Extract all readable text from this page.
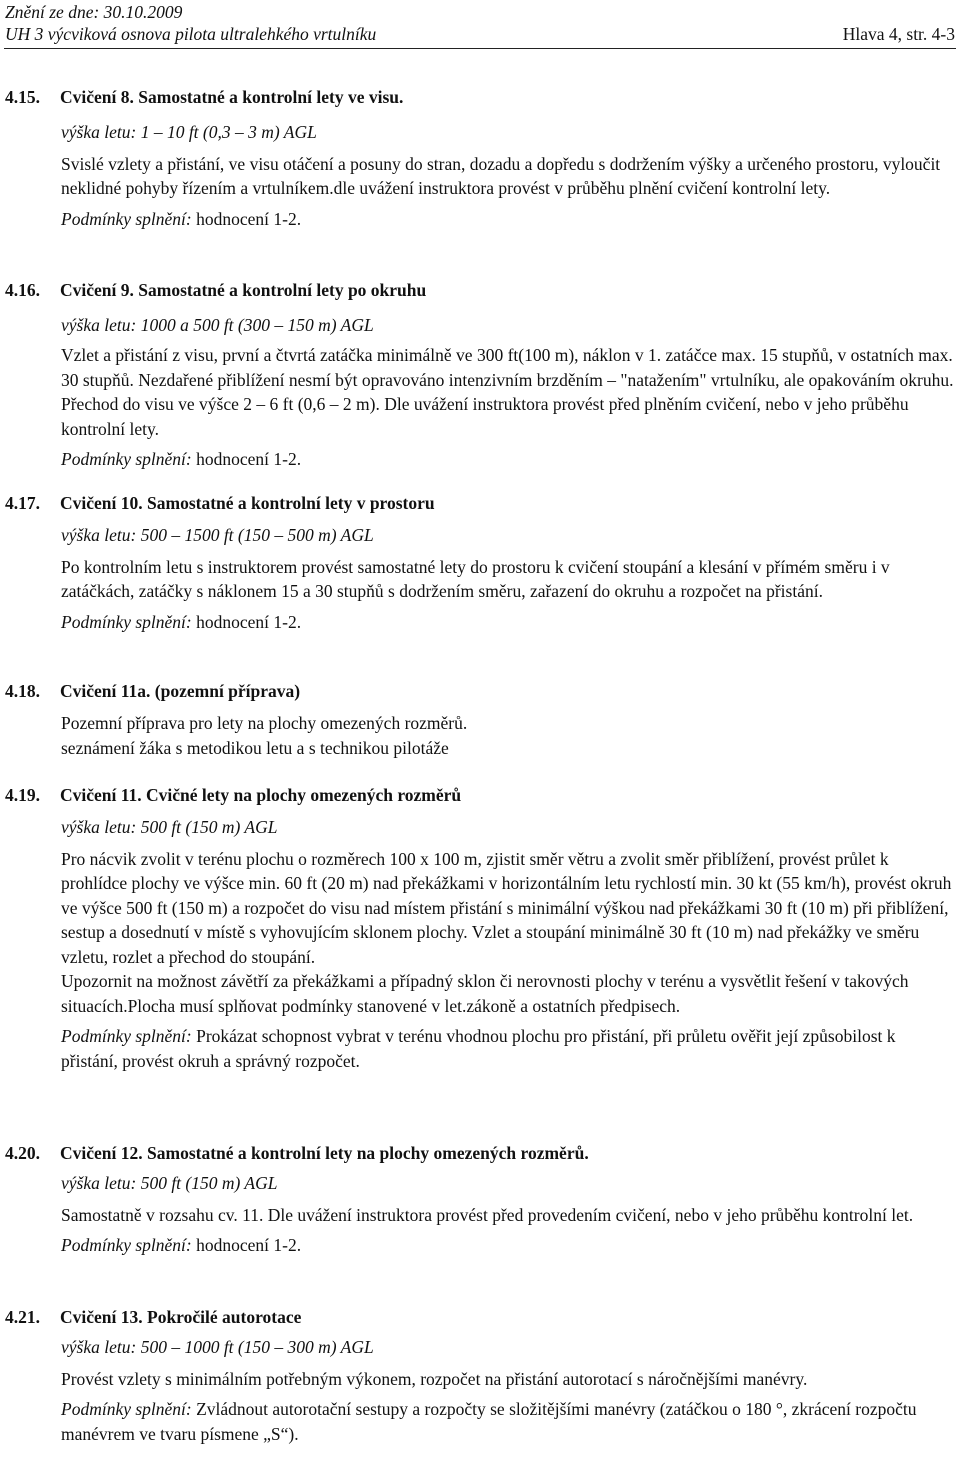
Znění ze dne: 30.10.2009
UH 3 výcviková osnova pilota ultralehkého vrtulníku	Hlava 4, str. 4-3
4.15. Cvičení 8. Samostatné a kontrolní lety ve visu.
výška letu: 1 – 10 ft (0,3 – 3 m) AGL
Svislé vzlety a přistání, ve visu otáčení a posuny do stran, dozadu a dopředu s dodržením výšky a určeného prostoru, vyloučit neklidné pohyby řízením a vrtulníkem.dle uvážení instruktora provést v průběhu plnění cvičení kontrolní lety.
Podmínky splnění: hodnocení 1-2.
4.16. Cvičení 9. Samostatné a kontrolní lety po okruhu
výška letu: 1000 a 500 ft (300 – 150 m) AGL
Vzlet a přistání z visu, první a čtvrtá zatáčka minimálně ve 300 ft(100 m), náklon v 1. zatáčce max. 15 stupňů, v ostatních max. 30 stupňů. Nezdařené přiblížení nesmí být opravováno intenzivním brzděním – "natažením" vrtulníku, ale opakováním okruhu. Přechod do visu ve výšce 2 – 6 ft (0,6 – 2 m). Dle uvážení instruktora provést před plněním cvičení, nebo v jeho průběhu kontrolní lety.
Podmínky splnění: hodnocení 1-2.
4.17. Cvičení 10. Samostatné a kontrolní lety v prostoru
výška letu: 500 – 1500 ft (150 – 500 m) AGL
Po kontrolním letu s instruktorem provést samostatné lety do prostoru k cvičení stoupání a klesání v přímém směru i v zatáčkách, zatáčky s náklonem 15 a 30 stupňů s dodržením směru, zařazení do okruhu a rozpočet na přistání.
Podmínky splnění: hodnocení 1-2.
4.18. Cvičení 11a. (pozemní příprava)
Pozemní příprava pro lety na plochy omezených rozměrů.
seznámení žáka s metodikou letu a s technikou pilotáže
4.19. Cvičení 11. Cvičné lety na plochy omezených rozměrů
výška letu: 500 ft (150 m) AGL
Pro nácvik zvolit v terénu plochu o rozměrech 100 x 100 m, zjistit směr větru a zvolit směr přiblížení, provést průlet k prohlídce plochy ve výšce min. 60 ft (20 m) nad překážkami v horizontálním letu rychlostí min. 30 kt (55 km/h), provést okruh ve výšce 500 ft (150 m) a rozpočet do visu nad místem přistání s minimální výškou nad překážkami 30 ft (10 m) při přiblížení, sestup a dosednutí v místě s vyhovujícím sklonem plochy. Vzlet a stoupání minimálně 30 ft (10 m) nad překážky ve směru vzletu, rozlet a přechod do stoupání.
Upozornit na možnost závětří za překážkami a případný sklon či nerovnosti plochy v terénu a vysvětlit řešení v takových situacích.Plocha musí splňovat podmínky stanovené v let.zákoně a ostatních předpisech.
Podmínky splnění: Prokázat schopnost vybrat v terénu vhodnou plochu pro přistání, při průletu ověřit její způsobilost k přistání, provést okruh a správný rozpočet.
4.20. Cvičení 12. Samostatné a kontrolní lety na plochy omezených rozměrů.
výška letu: 500 ft (150 m) AGL
Samostatně v rozsahu cv. 11. Dle uvážení instruktora provést před provedením cvičení, nebo v jeho průběhu kontrolní let.
Podmínky splnění: hodnocení 1-2.
4.21. Cvičení 13. Pokročilé autorotace
výška letu: 500 – 1000 ft (150 – 300 m) AGL
Provést vzlety s minimálním potřebným výkonem, rozpočet na přistání autorotací s náročnějšími manévry.
Podmínky splnění: Zvládnout autorotační sestupy a rozpočty se složitějšími manévry (zatáčkou o 180 °, zkrácení rozpočtu manévrem ve tvaru písmene „S“).
